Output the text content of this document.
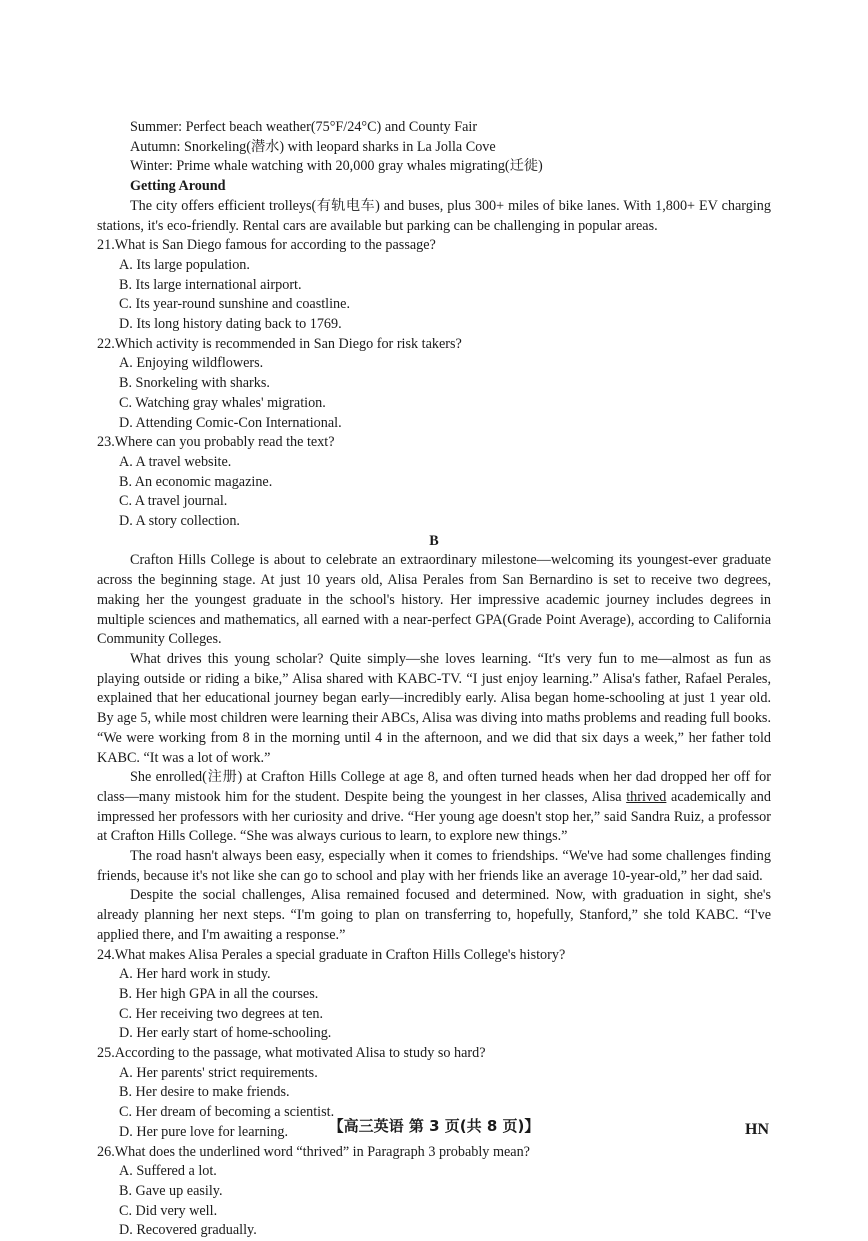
Summer: Perfect beach weather(75°F/24°C) and County Fair

Autumn: Snorkeling(潜水) with leopard sharks in La Jolla Cove

Winter: Prime whale watching with 20,000 gray whales migrating(迁徙)

Getting Around

The city offers efficient trolleys(有轨电车) and buses, plus 300+ miles of bike lanes. With 1,800+ EV charging stations, it's eco-friendly. Rental cars are available but parking can be challenging in popular areas.

21.What is San Diego famous for according to the passage?

A. Its large population.
B. Its large international airport.
C. Its year-round sunshine and coastline.
D. Its long history dating back to 1769.

22.Which activity is recommended in San Diego for risk takers?

A. Enjoying wildflowers.
B. Snorkeling with sharks.
C. Watching gray whales' migration.
D. Attending Comic-Con International.

23.Where can you probably read the text?

A. A travel website.
B. An economic magazine.
C. A travel journal.
D. A story collection.

B

Crafton Hills College is about to celebrate an extraordinary milestone—welcoming its youngest-ever graduate across the beginning stage. At just 10 years old, Alisa Perales from San Bernardino is set to receive two degrees, making her the youngest graduate in the school's history. Her impressive academic journey includes degrees in multiple sciences and mathematics, all earned with a near-perfect GPA(Grade Point Average), according to California Community Colleges.

What drives this young scholar? Quite simply—she loves learning. “It's very fun to me—almost as fun as playing outside or riding a bike,” Alisa shared with KABC-TV. “I just enjoy learning.” Alisa's father, Rafael Perales, explained that her educational journey began early—incredibly early. Alisa began home-schooling at just 1 year old. By age 5, while most children were learning their ABCs, Alisa was diving into maths problems and reading full books. “We were working from 8 in the morning until 4 in the afternoon, and we did that six days a week,” her father told KABC. “It was a lot of work.”

She enrolled(注册) at Crafton Hills College at age 8, and often turned heads when her dad dropped her off for class—many mistook him for the student. Despite being the youngest in her classes, Alisa thrived academically and impressed her professors with her curiosity and drive. “Her young age doesn't stop her,” said Sandra Ruiz, a professor at Crafton Hills College. “She was always curious to learn, to explore new things.”

The road hasn't always been easy, especially when it comes to friendships. “We've had some challenges finding friends, because it's not like she can go to school and play with her friends like an average 10-year-old,” her dad said.

Despite the social challenges, Alisa remained focused and determined. Now, with graduation in sight, she's already planning her next steps. “I'm going to plan on transferring to, hopefully, Stanford,” she told KABC. “I've applied there, and I'm awaiting a response.”

24.What makes Alisa Perales a special graduate in Crafton Hills College's history?

A. Her hard work in study.
B. Her high GPA in all the courses.
C. Her receiving two degrees at ten.
D. Her early start of home-schooling.

25.According to the passage, what motivated Alisa to study so hard?

A. Her parents' strict requirements.
B. Her desire to make friends.
C. Her dream of becoming a scientist.
D. Her pure love for learning.

26.What does the underlined word “thrived” in Paragraph 3 probably mean?

A. Suffered a lot.
B. Gave up easily.
C. Did very well.
D. Recovered gradually.
【高三英语 第 3 页(共 8 页)】	HN
